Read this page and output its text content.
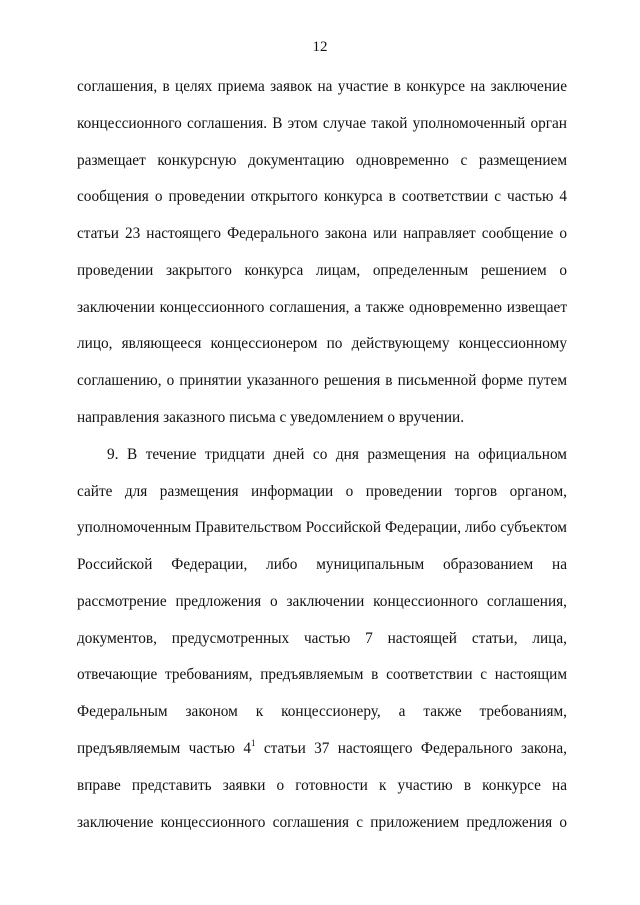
12
соглашения, в целях приема заявок на участие в конкурсе на заключение
концессионного соглашения. В этом случае такой уполномоченный орган
размещает конкурсную документацию одновременно с размещением
сообщения о проведении открытого конкурса в соответствии с частью 4
статьи 23 настоящего Федерального закона или направляет сообщение о
проведении закрытого конкурса лицам, определенным решением о
заключении концессионного соглашения, а также одновременно извещает
лицо, являющееся концессионером по действующему концессионному
соглашению, о принятии указанного решения в письменной форме путем
направления заказного письма с уведомлением о вручении.
9. В течение тридцати дней со дня размещения на официальном
сайте для размещения информации о проведении торгов органом,
уполномоченным Правительством Российской Федерации, либо субъектом
Российской Федерации, либо муниципальным образованием на
рассмотрение предложения о заключении концессионного соглашения,
документов, предусмотренных частью 7 настоящей статьи, лица,
отвечающие требованиям, предъявляемым в соответствии с настоящим
Федеральным законом к концессионеру, а также требованиям,
предъявляемым частью $4^1$ статьи 37 настоящего Федерального закона,
вправе представить заявки о готовности к участию в конкурсе на
заключение концессионного соглашения с приложением предложения о
